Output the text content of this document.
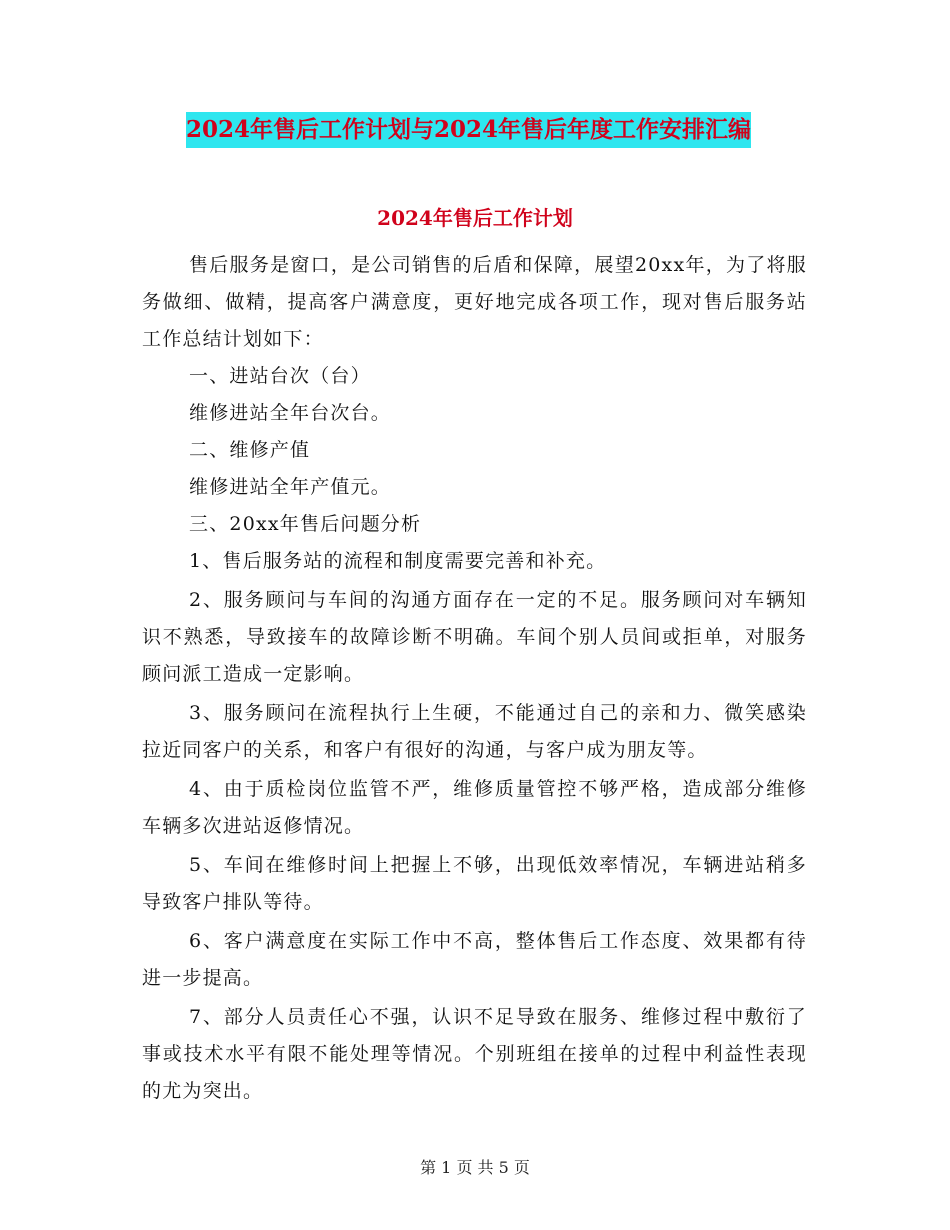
2024年售后工作计划与2024年售后年度工作安排汇编
2024年售后工作计划

售后服务是窗口，是公司销售的后盾和保障，展望20xx年，为了将服务做细、做精，提高客户满意度，更好地完成各项工作，现对售后服务站工作总结计划如下：

一、进站台次（台）

维修进站全年台次台。

二、维修产值

维修进站全年产值元。

三、20xx年售后问题分析

1、售后服务站的流程和制度需要完善和补充。

2、服务顾问与车间的沟通方面存在一定的不足。服务顾问对车辆知识不熟悉，导致接车的故障诊断不明确。车间个别人员间或拒单，对服务顾问派工造成一定影响。

3、服务顾问在流程执行上生硬，不能通过自己的亲和力、微笑感染拉近同客户的关系，和客户有很好的沟通，与客户成为朋友等。

4、由于质检岗位监管不严，维修质量管控不够严格，造成部分维修车辆多次进站返修情况。

5、车间在维修时间上把握上不够，出现低效率情况，车辆进站稍多导致客户排队等待。

6、客户满意度在实际工作中不高，整体售后工作态度、效果都有待进一步提高。

7、部分人员责任心不强，认识不足导致在服务、维修过程中敷衍了事或技术水平有限不能处理等情况。个别班组在接单的过程中利益性表现的尤为突出。

第 1 页 共 5 页
